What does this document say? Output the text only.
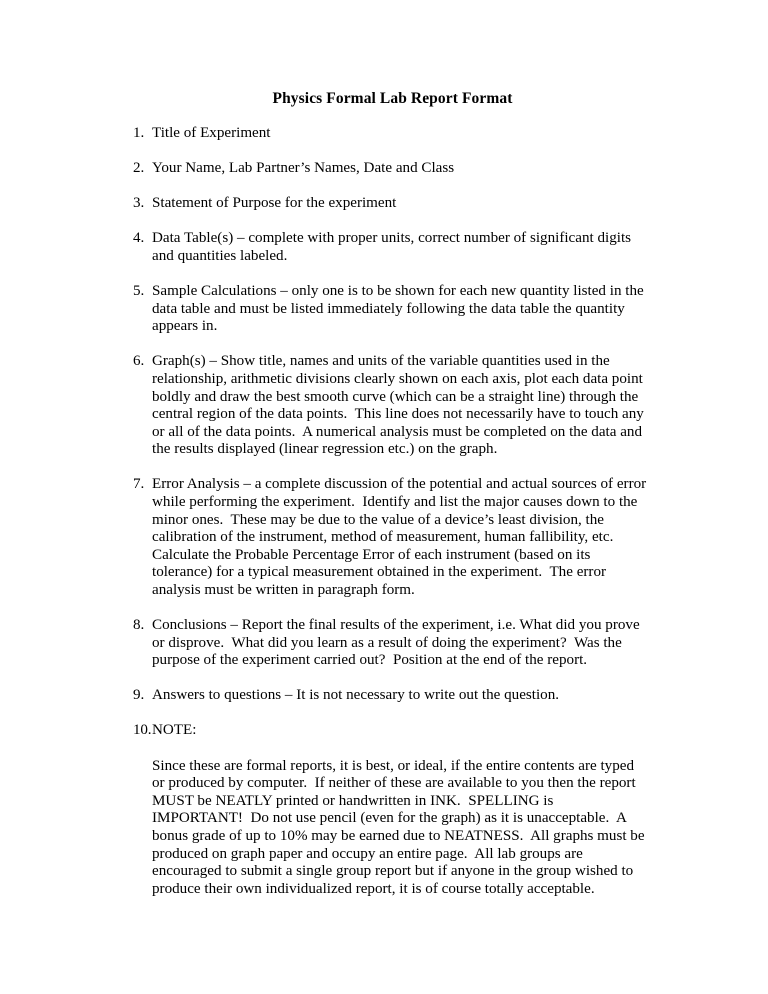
Physics Formal Lab Report Format
1. Title of Experiment
2. Your Name, Lab Partner’s Names, Date and Class
3. Statement of Purpose for the experiment
4. Data Table(s) – complete with proper units, correct number of significant digits and quantities labeled.
5. Sample Calculations – only one is to be shown for each new quantity listed in the data table and must be listed immediately following the data table the quantity appears in.
6. Graph(s) – Show title, names and units of the variable quantities used in the relationship, arithmetic divisions clearly shown on each axis, plot each data point boldly and draw the best smooth curve (which can be a straight line) through the central region of the data points.  This line does not necessarily have to touch any or all of the data points.  A numerical analysis must be completed on the data and the results displayed (linear regression etc.) on the graph.
7. Error Analysis – a complete discussion of the potential and actual sources of error while performing the experiment.  Identify and list the major causes down to the minor ones.  These may be due to the value of a device’s least division, the calibration of the instrument, method of measurement, human fallibility, etc.  Calculate the Probable Percentage Error of each instrument (based on its tolerance) for a typical measurement obtained in the experiment.  The error analysis must be written in paragraph form.
8. Conclusions – Report the final results of the experiment, i.e. What did you prove or disprove.  What did you learn as a result of doing the experiment?  Was the purpose of the experiment carried out?  Position at the end of the report.
9. Answers to questions – It is not necessary to write out the question.
10. NOTE:

Since these are formal reports, it is best, or ideal, if the entire contents are typed or produced by computer.  If neither of these are available to you then the report MUST be NEATLY printed or handwritten in INK.  SPELLING is IMPORTANT!  Do not use pencil (even for the graph) as it is unacceptable.  A bonus grade of up to 10% may be earned due to NEATNESS.  All graphs must be produced on graph paper and occupy an entire page.  All lab groups are encouraged to submit a single group report but if anyone in the group wished to produce their own individualized report, it is of course totally acceptable.
